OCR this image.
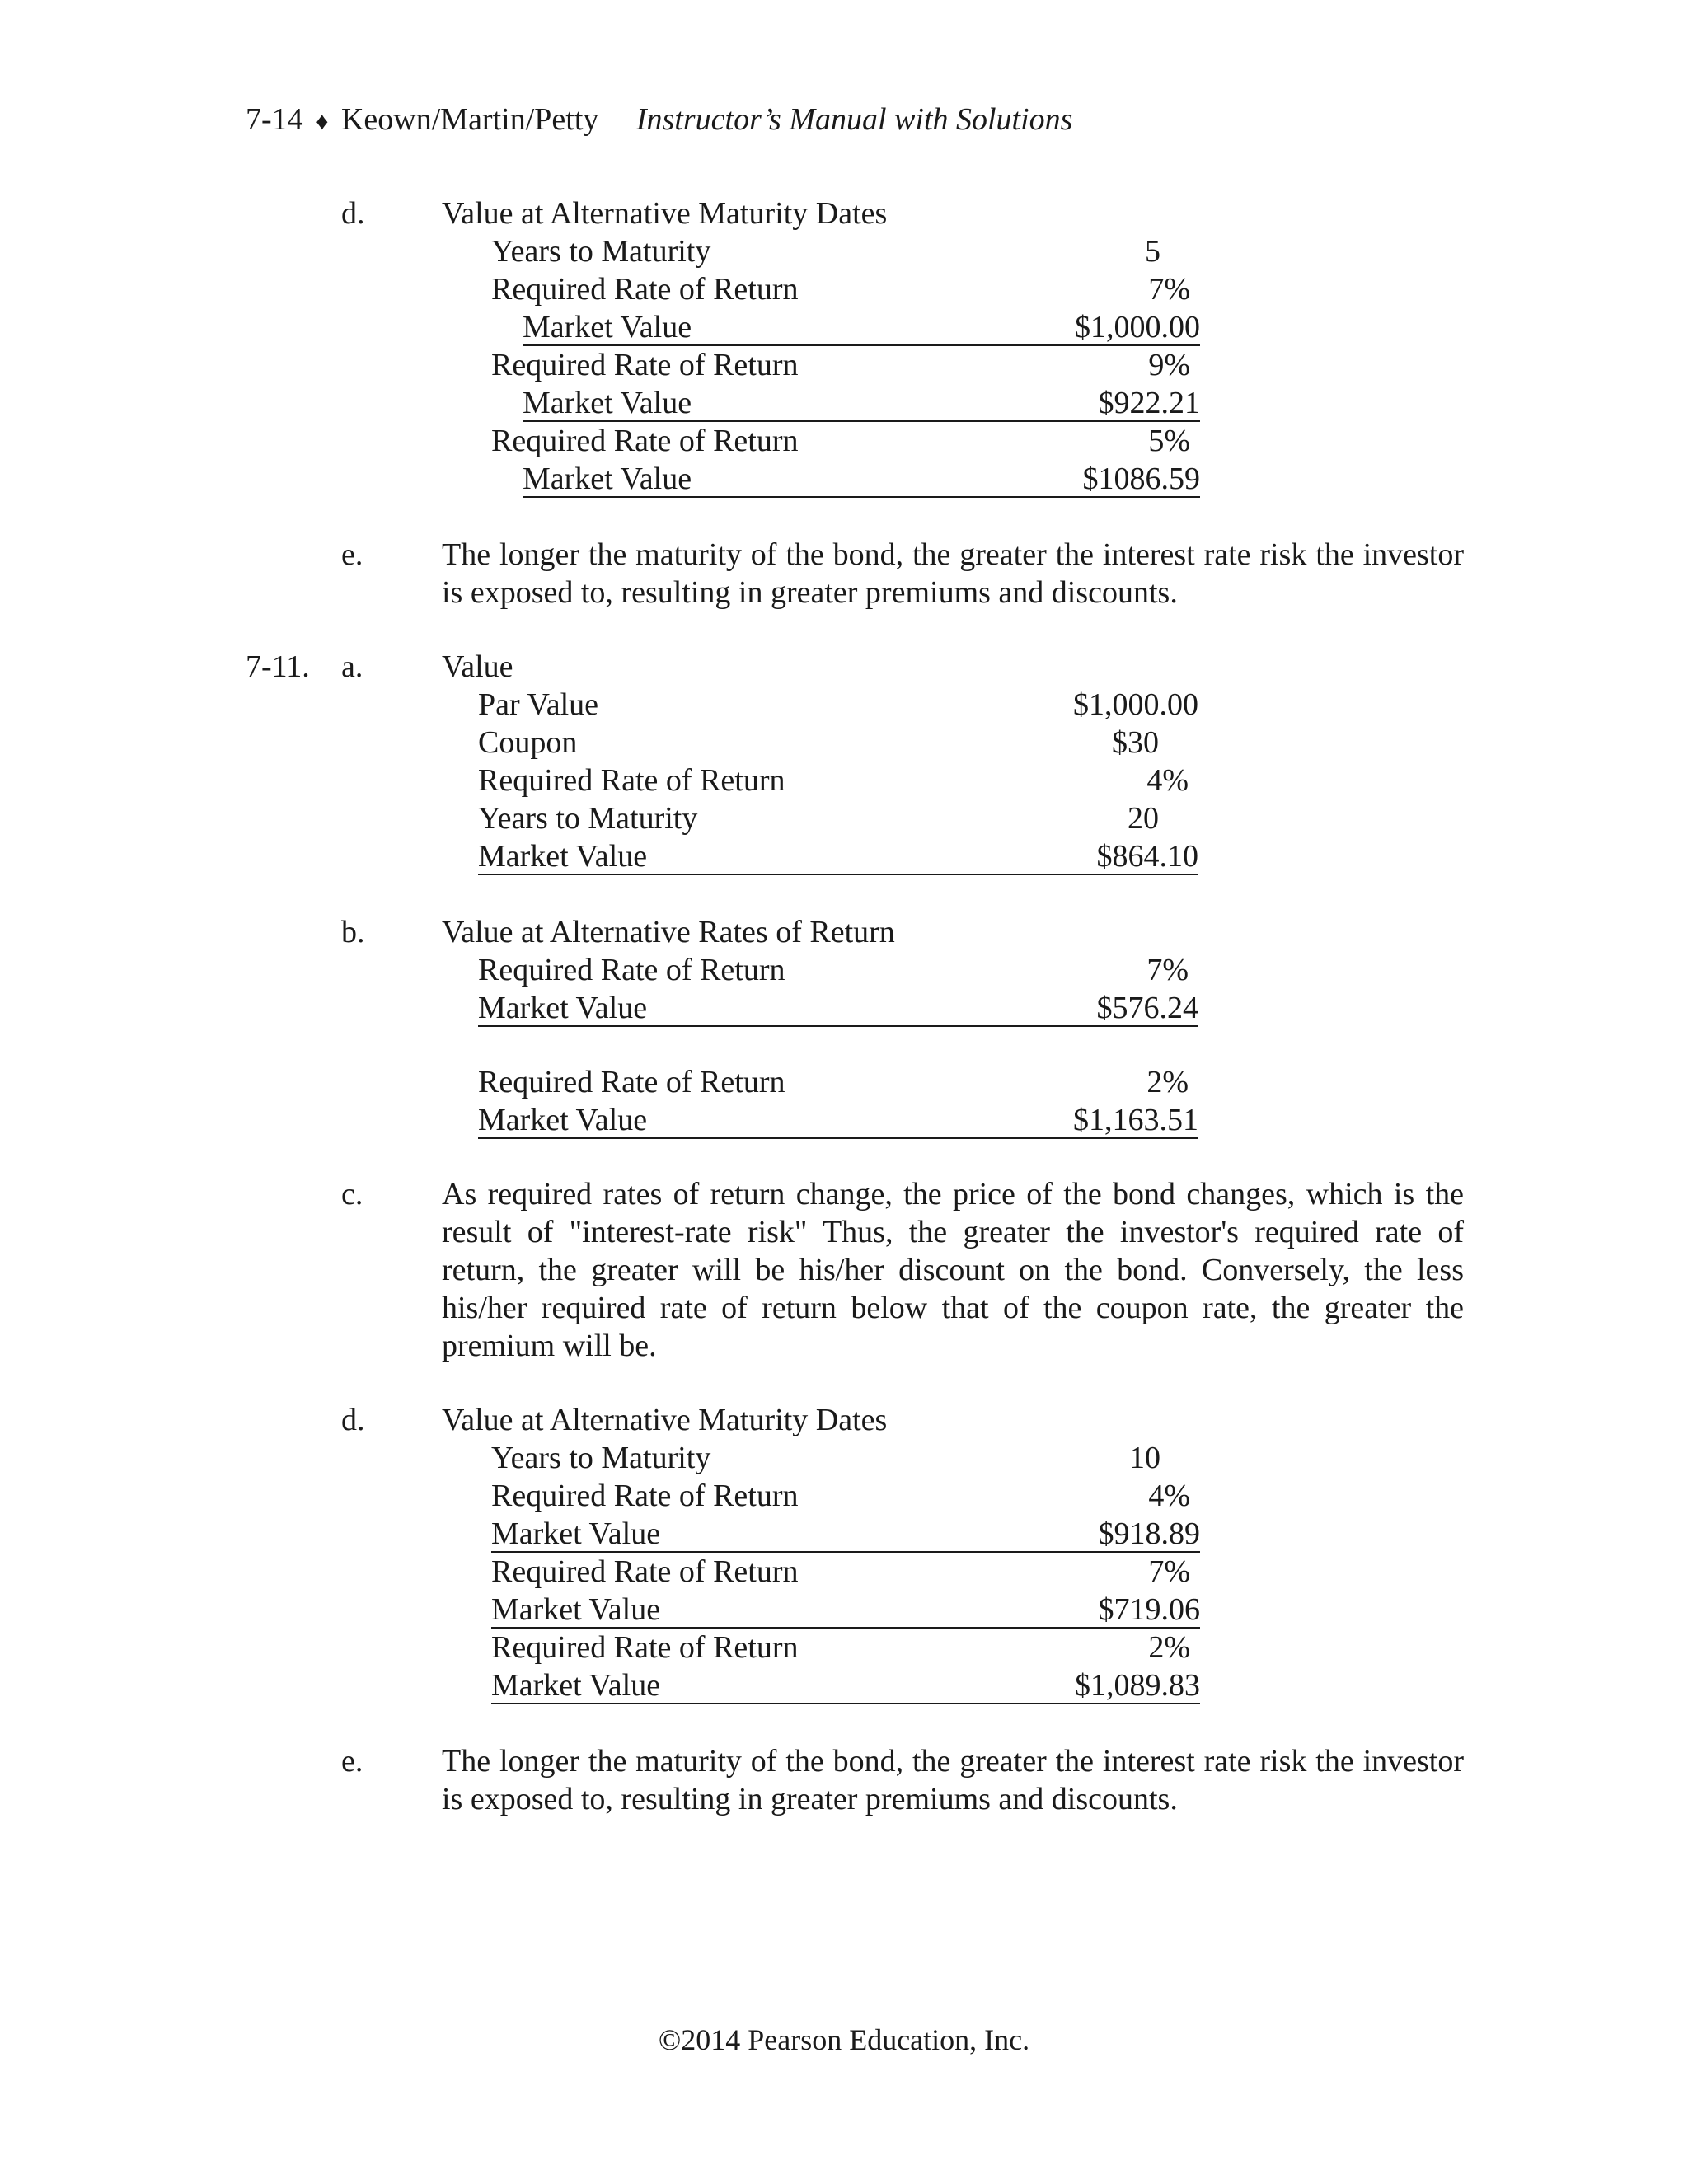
7-14 ♦ Keown/Martin/Petty Instructor’s Manual with Solutions
d. Value at Alternative Maturity Dates
Years to Maturity	5
Required Rate of Return	7%
Market Value	$1,000.00
Required Rate of Return	9%
Market Value	$922.21
Required Rate of Return	5%
Market Value	$1086.59
e.	The longer the maturity of the bond, the greater the interest rate risk the investor is exposed to, resulting in greater premiums and discounts.
7-11. a.	Value
Par Value	$1,000.00
Coupon	$30
Required Rate of Return	4%
Years to Maturity	20
Market Value	$864.10
b. Value at Alternative Rates of Return
Required Rate of Return	7%
Market Value	$576.24
Required Rate of Return	2%
Market Value	$1,163.51
c.	As required rates of return change, the price of the bond changes, which is the result of "interest-rate risk" Thus, the greater the investor's required rate of return, the greater will be his/her discount on the bond. Conversely, the less his/her required rate of return below that of the coupon rate, the greater the premium will be.
d. Value at Alternative Maturity Dates
Years to Maturity	10
Required Rate of Return	4%
Market Value	$918.89
Required Rate of Return	7%
Market Value	$719.06
Required Rate of Return	2%
Market Value	$1,089.83
e.	The longer the maturity of the bond, the greater the interest rate risk the investor is exposed to, resulting in greater premiums and discounts.
©2014 Pearson Education, Inc.
